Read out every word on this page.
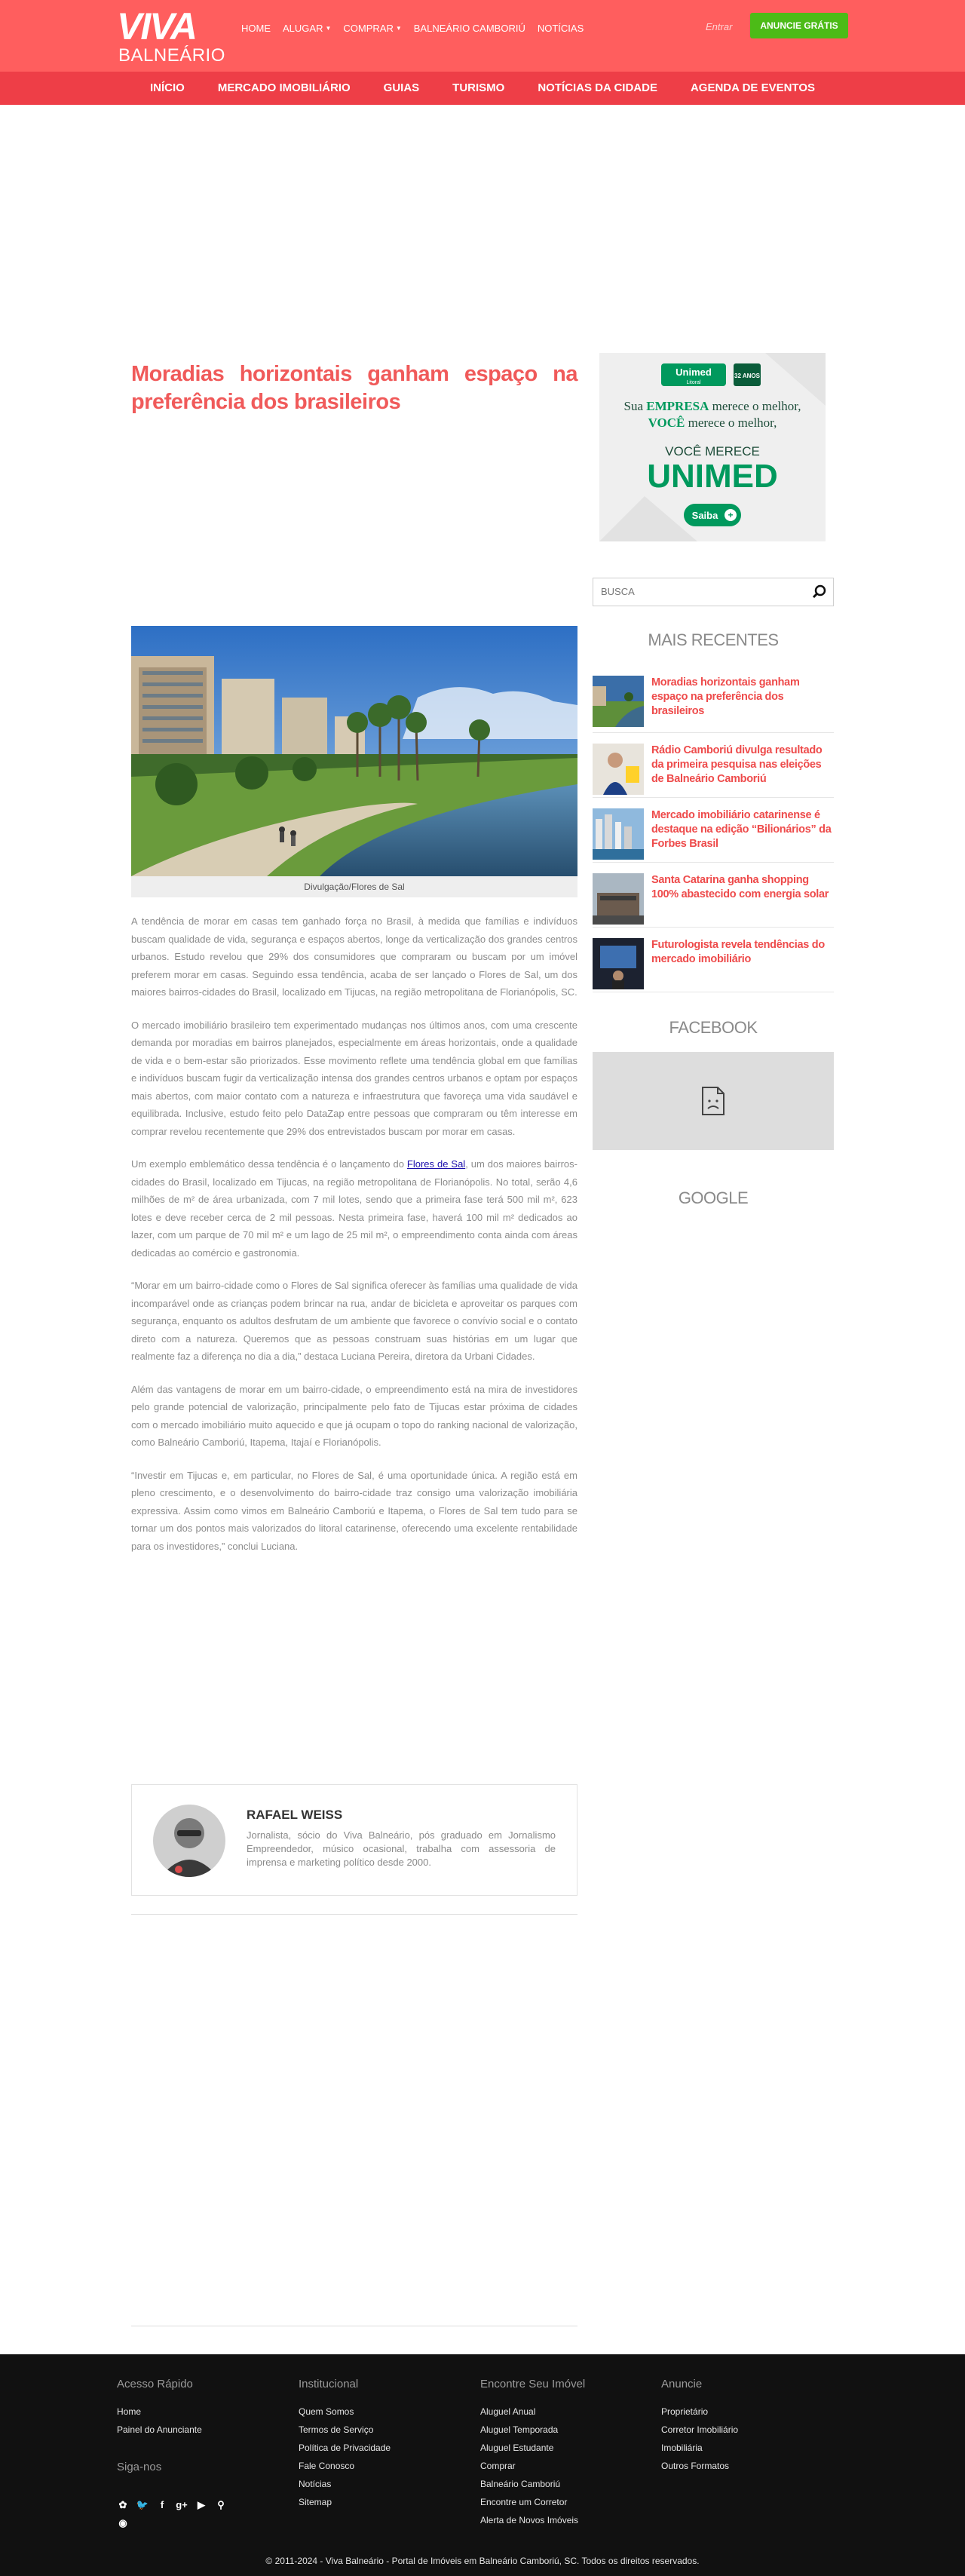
VIVA
BALNEÁRIO
HOME ALUGAR ▼ COMPRAR ▼ BALNEÁRIO CAMBORIÚ NOTÍCIAS	Entrar	ANUNCIE GRÁTIS
INÍCIO	MERCADO IMOBILIÁRIO	GUIAS	TURISMO	NOTÍCIAS DA CIDADE	AGENDA DE EVENTOS
Moradias horizontais ganham espaço na preferência dos brasileiros
Divulgação/Flores de Sal

A tendência de morar em casas tem ganhado força no Brasil, à medida que famílias e indivíduos buscam qualidade de vida, segurança e espaços abertos, longe da verticalização dos grandes centros urbanos. Estudo revelou que 29% dos consumidores que compraram ou buscam por um imóvel preferem morar em casas. Seguindo essa tendência, acaba de ser lançado o Flores de Sal, um dos maiores bairros-cidades do Brasil, localizado em Tijucas, na região metropolitana de Florianópolis, SC.

O mercado imobiliário brasileiro tem experimentado mudanças nos últimos anos, com uma crescente demanda por moradias em bairros planejados, especialmente em áreas horizontais, onde a qualidade de vida e o bem-estar são priorizados. Esse movimento reflete uma tendência global em que famílias e indivíduos buscam fugir da verticalização intensa dos grandes centros urbanos e optam por espaços mais abertos, com maior contato com a natureza e infraestrutura que favoreça uma vida saudável e equilibrada. Inclusive, estudo feito pelo DataZap entre pessoas que compraram ou têm interesse em comprar revelou recentemente que 29% dos entrevistados buscam por morar em casas.

Um exemplo emblemático dessa tendência é o lançamento do Flores de Sal, um dos maiores bairros-cidades do Brasil, localizado em Tijucas, na região metropolitana de Florianópolis. No total, serão 4,6 milhões de m² de área urbanizada, com 7 mil lotes, sendo que a primeira fase terá 500 mil m², 623 lotes e deve receber cerca de 2 mil pessoas. Nesta primeira fase, haverá 100 mil m² dedicados ao lazer, com um parque de 70 mil m² e um lago de 25 mil m², o empreendimento conta ainda com áreas dedicadas ao comércio e gastronomia.

“Morar em um bairro-cidade como o Flores de Sal significa oferecer às famílias uma qualidade de vida incomparável onde as crianças podem brincar na rua, andar de bicicleta e aproveitar os parques com segurança, enquanto os adultos desfrutam de um ambiente que favorece o convívio social e o contato direto com a natureza. Queremos que as pessoas construam suas histórias em um lugar que realmente faz a diferença no dia a dia,” destaca Luciana Pereira, diretora da Urbani Cidades.

Além das vantagens de morar em um bairro-cidade, o empreendimento está na mira de investidores pelo grande potencial de valorização, principalmente pelo fato de Tijucas estar próxima de cidades com o mercado imobiliário muito aquecido e que já ocupam o topo do ranking nacional de valorização, como Balneário Camboriú, Itapema, Itajaí e Florianópolis.

“Investir em Tijucas e, em particular, no Flores de Sal, é uma oportunidade única. A região está em pleno crescimento, e o desenvolvimento do bairro-cidade traz consigo uma valorização imobiliária expressiva. Assim como vimos em Balneário Camboriú e Itapema, o Flores de Sal tem tudo para se tornar um dos pontos mais valorizados do litoral catarinense, oferecendo uma excelente rentabilidade para os investidores,” conclui Luciana.

RAFAEL WEISS
Jornalista, sócio do Viva Balneário, pós graduado em Jornalismo Empreendedor, músico ocasional, trabalha com assessoria de imprensa e marketing político desde 2000.
Unimed
Litoral
32 ANOS
Sua EMPRESA merece o melhor,
VOCÊ merece o melhor,
VOCÊ MERECE
UNIMED
Saiba +
BUSCA
MAIS RECENTES
Moradias horizontais ganham espaço na preferência dos brasileiros
Rádio Camboriú divulga resultado da primeira pesquisa nas eleições de Balneário Camboriú
Mercado imobiliário catarinense é destaque na edição “Bilionários” da Forbes Brasil
Santa Catarina ganha shopping 100% abastecido com energia solar
Futurologista revela tendências do mercado imobiliário
FACEBOOK
GOOGLE
Acesso Rápido
Home
Painel do Anunciante
Siga-nos
✿ 🐦	f	g+ ▶ ⚲
◉
Institucional
Quem Somos
Termos de Serviço
Política de Privacidade
Fale Conosco
Notícias
Sitemap
Encontre Seu Imóvel
Aluguel Anual
Aluguel Temporada
Aluguel Estudante
Comprar
Balneário Camboriú
Encontre um Corretor
Alerta de Novos Imóveis
Anuncie
Proprietário
Corretor Imobiliário
Imobiliária
Outros Formatos
© 2011-2024 - Viva Balneário - Portal de Imóveis em Balneário Camboriú, SC. Todos os direitos reservados.
